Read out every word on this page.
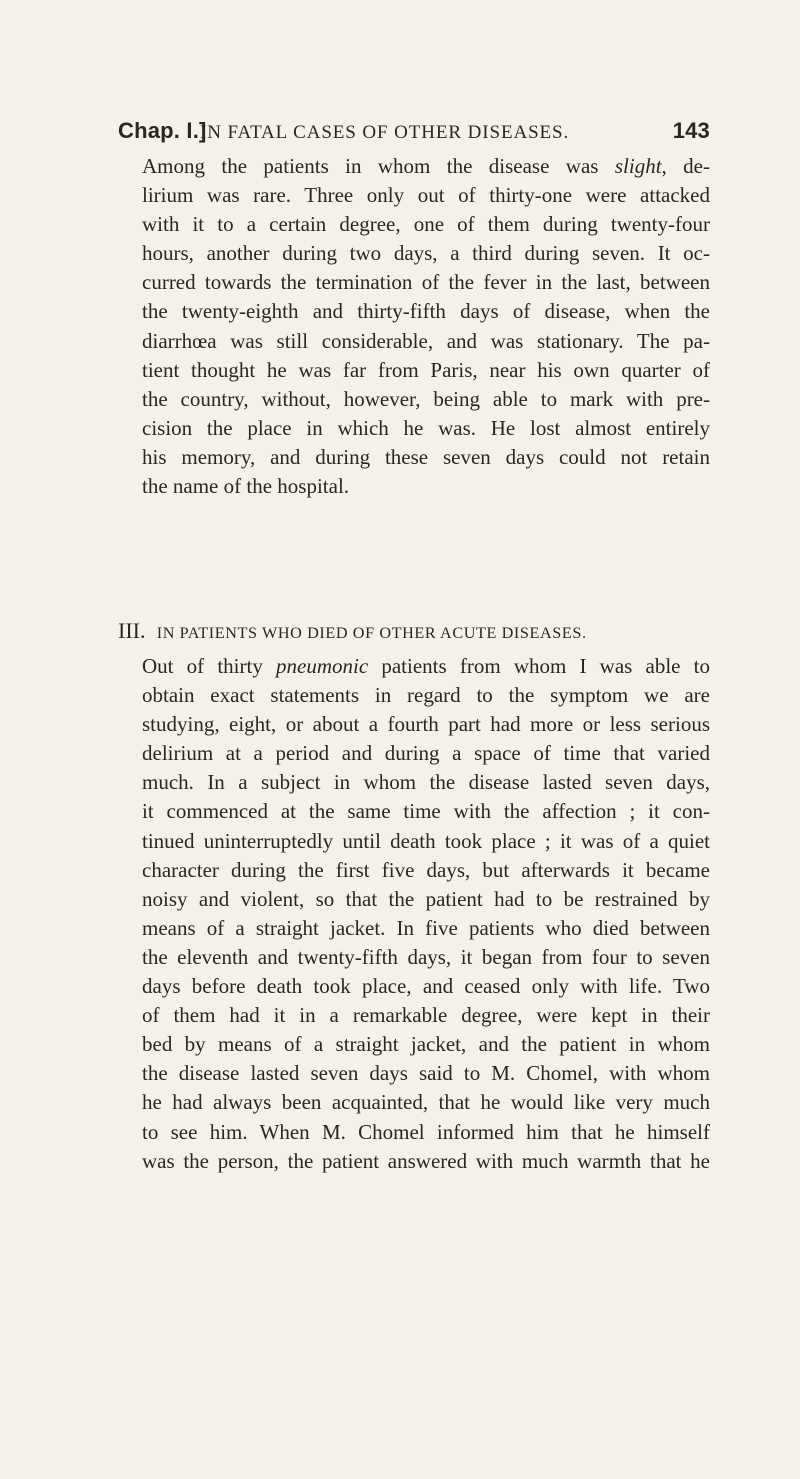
Chap. I.]
IN FATAL CASES OF OTHER DISEASES.	143
Among the patients in whom the disease was slight, de-
lirium was rare. Three only out of thirty-one were attacked
with it to a certain degree, one of them during twenty-four
hours, another during two days, a third during seven. It oc-
curred towards the termination of the fever in the last, between
the twenty-eighth and thirty-fifth days of disease, when the
diarrhœa was still considerable, and was stationary. The pa-
tient thought he was far from Paris, near his own quarter of
the country, without, however, being able to mark with pre-
cision the place in which he was. He lost almost entirely
his memory, and during these seven days could not retain
the name of the hospital.
III. IN PATIENTS WHO DIED OF OTHER ACUTE DISEASES.
Out of thirty pneumonic patients from whom I was able to
obtain exact statements in regard to the symptom we are
studying, eight, or about a fourth part had more or less serious
delirium at a period and during a space of time that varied
much. In a subject in whom the disease lasted seven days,
it commenced at the same time with the affection ; it con-
tinued uninterruptedly until death took place ; it was of a quiet
character during the first five days, but afterwards it became
noisy and violent, so that the patient had to be restrained by
means of a straight jacket. In five patients who died between
the eleventh and twenty-fifth days, it began from four to seven
days before death took place, and ceased only with life. Two
of them had it in a remarkable degree, were kept in their
bed by means of a straight jacket, and the patient in whom
the disease lasted seven days said to M. Chomel, with whom
he had always been acquainted, that he would like very much
to see him. When M. Chomel informed him that he himself
was the person, the patient answered with much warmth that he
